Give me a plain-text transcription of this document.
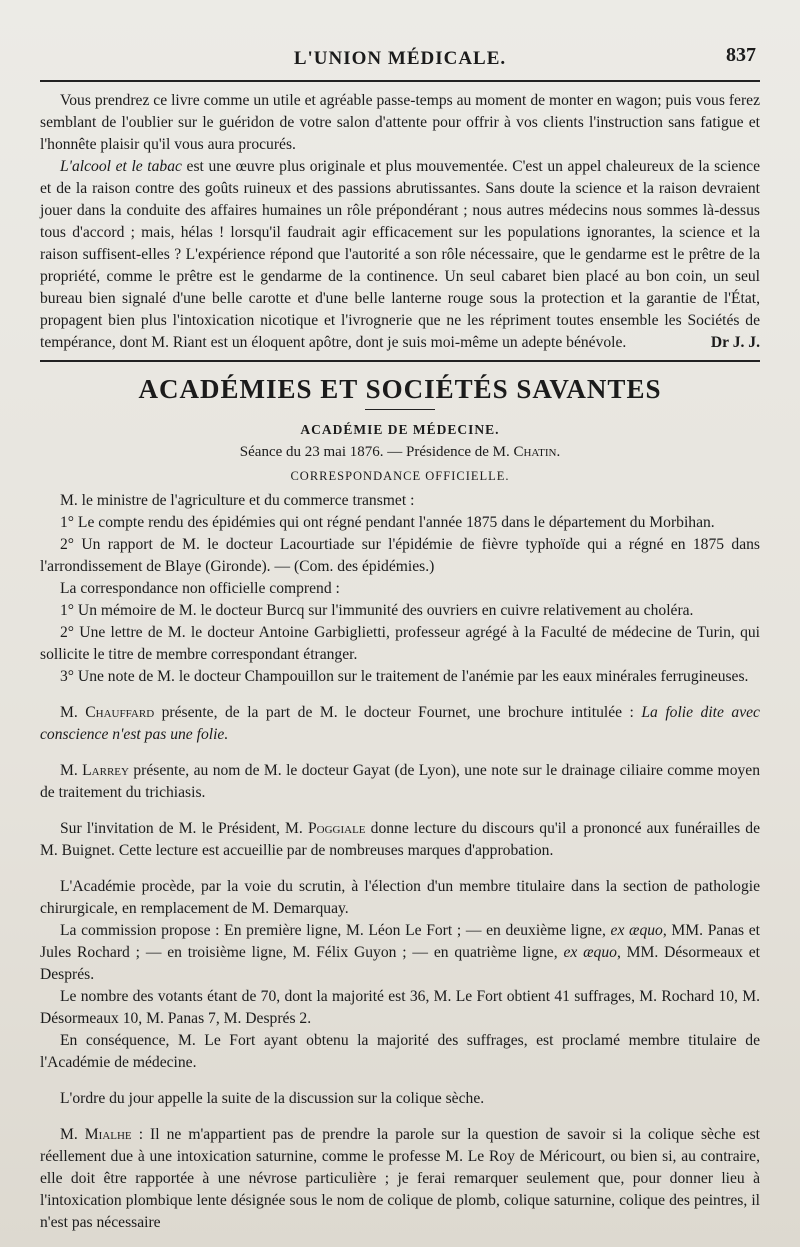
L'UNION MÉDICALE.	837

Vous prendrez ce livre comme un utile et agréable passe-temps au moment de monter en wagon; puis vous ferez semblant de l'oublier sur le guéridon de votre salon d'attente pour offrir à vos clients l'instruction sans fatigue et l'honnête plaisir qu'il vous aura procurés.

L'alcool et le tabac est une œuvre plus originale et plus mouvementée. C'est un appel chaleureux de la science et de la raison contre des goûts ruineux et des passions abrutissantes. Sans doute la science et la raison devraient jouer dans la conduite des affaires humaines un rôle prépondérant ; nous autres médecins nous sommes là-dessus tous d'accord ; mais, hélas ! lorsqu'il faudrait agir efficacement sur les populations ignorantes, la science et la raison suffisent-elles ? L'expérience répond que l'autorité a son rôle nécessaire, que le gendarme est le prêtre de la propriété, comme le prêtre est le gendarme de la continence. Un seul cabaret bien placé au bon coin, un seul bureau bien signalé d'une belle carotte et d'une belle lanterne rouge sous la protection et la garantie de l'État, propagent bien plus l'intoxication nicotique et l'ivrognerie que ne les répriment toutes ensemble les Sociétés de tempérance, dont M. Riant est un éloquent apôtre, dont je suis moi-même un adepte bénévole.	Dr J. J.

ACADÉMIES ET SOCIÉTÉS SAVANTES
ACADÉMIE DE MÉDECINE.
Séance du 23 mai 1876. — Présidence de M. Chatin.
CORRESPONDANCE OFFICIELLE.

M. le ministre de l'agriculture et du commerce transmet :

1° Le compte rendu des épidémies qui ont régné pendant l'année 1875 dans le département du Morbihan.

2° Un rapport de M. le docteur Lacourtiade sur l'épidémie de fièvre typhoïde qui a régné en 1875 dans l'arrondissement de Blaye (Gironde). — (Com. des épidémies.)

La correspondance non officielle comprend :

1° Un mémoire de M. le docteur Burcq sur l'immunité des ouvriers en cuivre relativement au choléra.

2° Une lettre de M. le docteur Antoine Garbiglietti, professeur agrégé à la Faculté de médecine de Turin, qui sollicite le titre de membre correspondant étranger.

3° Une note de M. le docteur Champouillon sur le traitement de l'anémie par les eaux minérales ferrugineuses.

M. Chauffard présente, de la part de M. le docteur Fournet, une brochure intitulée : La folie dite avec conscience n'est pas une folie.

M. Larrey présente, au nom de M. le docteur Gayat (de Lyon), une note sur le drainage ciliaire comme moyen de traitement du trichiasis.

Sur l'invitation de M. le Président, M. Poggiale donne lecture du discours qu'il a prononcé aux funérailles de M. Buignet. Cette lecture est accueillie par de nombreuses marques d'approbation.

L'Académie procède, par la voie du scrutin, à l'élection d'un membre titulaire dans la section de pathologie chirurgicale, en remplacement de M. Demarquay.

La commission propose : En première ligne, M. Léon Le Fort ; — en deuxième ligne, ex æquo, MM. Panas et Jules Rochard ; — en troisième ligne, M. Félix Guyon ; — en quatrième ligne, ex æquo, MM. Désormeaux et Després.

Le nombre des votants étant de 70, dont la majorité est 36, M. Le Fort obtient 41 suffrages, M. Rochard 10, M. Désormeaux 10, M. Panas 7, M. Després 2.

En conséquence, M. Le Fort ayant obtenu la majorité des suffrages, est proclamé membre titulaire de l'Académie de médecine.

L'ordre du jour appelle la suite de la discussion sur la colique sèche.

M. Mialhe : Il ne m'appartient pas de prendre la parole sur la question de savoir si la colique sèche est réellement due à une intoxication saturnine, comme le professe M. Le Roy de Méricourt, ou bien si, au contraire, elle doit être rapportée à une névrose particulière ; je ferai remarquer seulement que, pour donner lieu à l'intoxication plombique lente désignée sous le nom de colique de plomb, colique saturnine, colique des peintres, il n'est pas nécessaire
